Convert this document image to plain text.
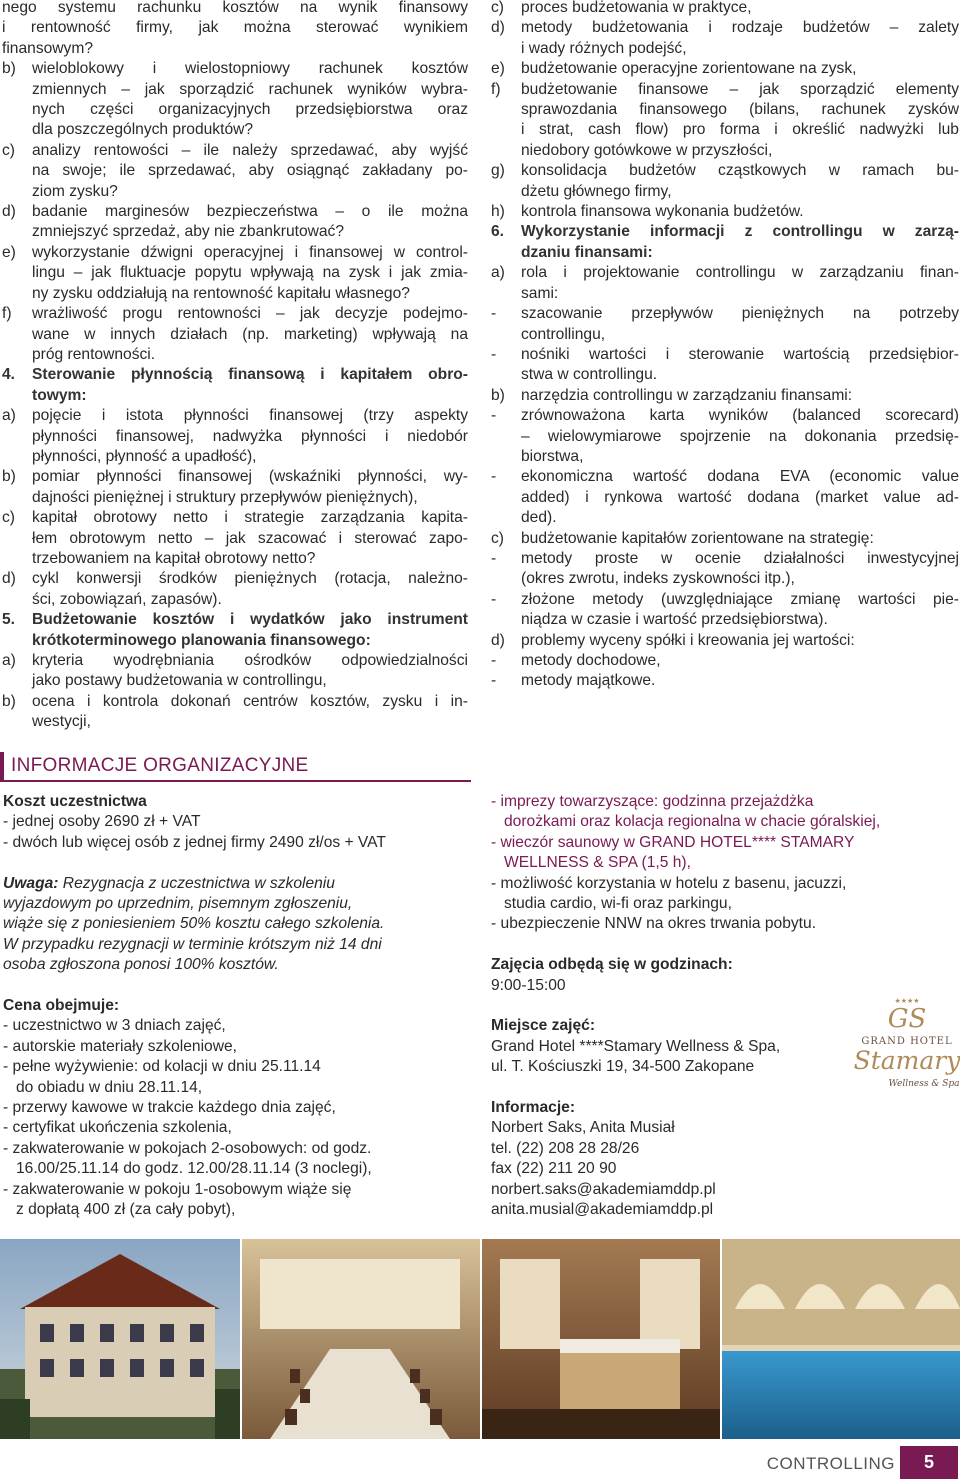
nego systemu rachunku kosztów na wynik finansowy
i rentowność firmy, jak można sterować wynikiem
finansowym?
b)	wieloblokowy i wielostopniowy rachunek kosztów
zmiennych – jak sporządzić rachunek wyników wybra-
nych części organizacyjnych przedsiębiorstwa oraz
dla poszczególnych produktów?
c)	analizy rentowości – ile należy sprzedawać, aby wyjść
na swoje; ile sprzedawać, aby osiągnąć zakładany po-
ziom zysku?
d)	badanie marginesów bezpieczeństwa – o ile można
zmniejszyć sprzedaż, aby nie zbankrutować?
e)	wykorzystanie dźwigni operacyjnej i finansowej w control-
lingu – jak fluktuacje popytu wpływają na zysk i jak zmia-
ny zysku oddziałują na rentowność kapitału własnego?
f)	wrażliwość progu rentowności – jak decyzje podejmo-
wane w innych działach (np. marketing) wpływają na
próg rentowności.
4.	Sterowanie płynnością finansową i kapitałem obro-
towym:
a)	pojęcie i istota płynności finansowej (trzy aspekty
płynności finansowej, nadwyżka płynności i niedobór
płynności, płynność a upadłość),
b)	pomiar płynności finansowej (wskaźniki płynności, wy-
dajności pieniężnej i struktury przepływów pieniężnych),
c)	kapitał obrotowy netto i strategie zarządzania kapita-
łem obrotowym netto – jak szacować i sterować zapo-
trzebowaniem na kapitał obrotowy netto?
d)	cykl konwersji środków pieniężnych (rotacja, należno-
ści, zobowiązań, zapasów).
5.	Budżetowanie kosztów i wydatków jako instrument
krótkoterminowego planowania finansowego:
a)	kryteria wyodrębniania ośrodków odpowiedzialności
jako postawy budżetowania w controllingu,
b)	ocena i kontrola dokonań centrów kosztów, zysku i in-
westycji,
c)	proces budżetowania w praktyce,
d)	metody budżetowania i rodzaje budżetów – zalety
i wady różnych podejść,
e)	budżetowanie operacyjne zorientowane na zysk,
f)	budżetowanie finansowe – jak sporządzić elementy
sprawozdania finansowego (bilans, rachunek zysków
i strat, cash flow) pro forma i określić nadwyżki lub
niedobory gotówkowe w przyszłości,
g)	konsolidacja budżetów cząstkowych w ramach bu-
dżetu głównego firmy,
h)	kontrola finansowa wykonania budżetów.
6.	Wykorzystanie informacji z controllingu w zarzą-
dzaniu finansami:
a)	rola i projektowanie controllingu w zarządzaniu finan-
sami:
-	szacowanie przepływów pieniężnych na potrzeby
controllingu,
-	nośniki wartości i sterowanie wartością przedsiębior-
stwa w controllingu.
b)	narzędzia controllingu w zarządzaniu finansami:
-	zrównoważona karta wyników (balanced scorecard)
– wielowymiarowe spojrzenie na dokonania przedsię-
biorstwa,
-	ekonomiczna wartość dodana EVA (economic value
added) i rynkowa wartość dodana (market value ad-
ded).
c)	budżetowanie kapitałów zorientowane na strategię:
-	metody proste w ocenie działalności inwestycyjnej
(okres zwrotu, indeks zyskowności itp.),
-	złożone metody (uwzględniające zmianę wartości pie-
niądza w czasie i wartość przedsiębiorstwa).
d)	problemy wyceny spółki i kreowania jej wartości:
-	metody dochodowe,
-	metody majątkowe.
INFORMACJE ORGANIZACYJNE
Koszt uczestnictwa
- jednej osoby 2690 zł + VAT
- dwóch lub więcej osób z jednej firmy 2490 zł/os + VAT
Uwaga: Rezygnacja z uczestnictwa w szkoleniu
wyjazdowym po uprzednim, pisemnym zgłoszeniu,
wiąże się z poniesieniem 50% kosztu całego szkolenia.
W przypadku rezygnacji w terminie krótszym niż 14 dni
osoba zgłoszona ponosi 100% kosztów.
Cena obejmuje:
- uczestnictwo w 3 dniach zajęć,
- autorskie materiały szkoleniowe,
- pełne wyżywienie: od kolacji w dniu 25.11.14
do obiadu w dniu 28.11.14,
- przerwy kawowe w trakcie każdego dnia zajęć,
- certyfikat ukończenia szkolenia,
- zakwaterowanie w pokojach 2-osobowych: od godz.
16.00/25.11.14 do godz. 12.00/28.11.14 (3 noclegi),
- zakwaterowanie w pokoju 1-osobowym wiąże się
z dopłatą 400 zł (za cały pobyt),
- imprezy towarzyszące: godzinna przejażdżka
dorożkami oraz kolacja regionalna w chacie góralskiej,
- wieczór saunowy w GRAND HOTEL**** STAMARY
WELLNESS & SPA (1,5 h),
- możliwość korzystania w hotelu z basenu, jacuzzi,
studia cardio, wi-fi oraz parkingu,
- ubezpieczenie NNW na okres trwania pobytu.
Zajęcia odbędą się w godzinach:
9:00-15:00
Miejsce zajęć:
Grand Hotel ****Stamary Wellness & Spa,
ul. T. Kościuszki 19, 34-500 Zakopane
Informacje:
Norbert Saks, Anita Musiał
tel. (22) 208 28 28/26
fax (22) 211 20 90
norbert.saks@akademiamddp.pl
anita.musial@akademiamddp.pl
★★★★
GS
GRAND HOTEL
Stamary
Wellness & Spa
CONTROLLING	5
